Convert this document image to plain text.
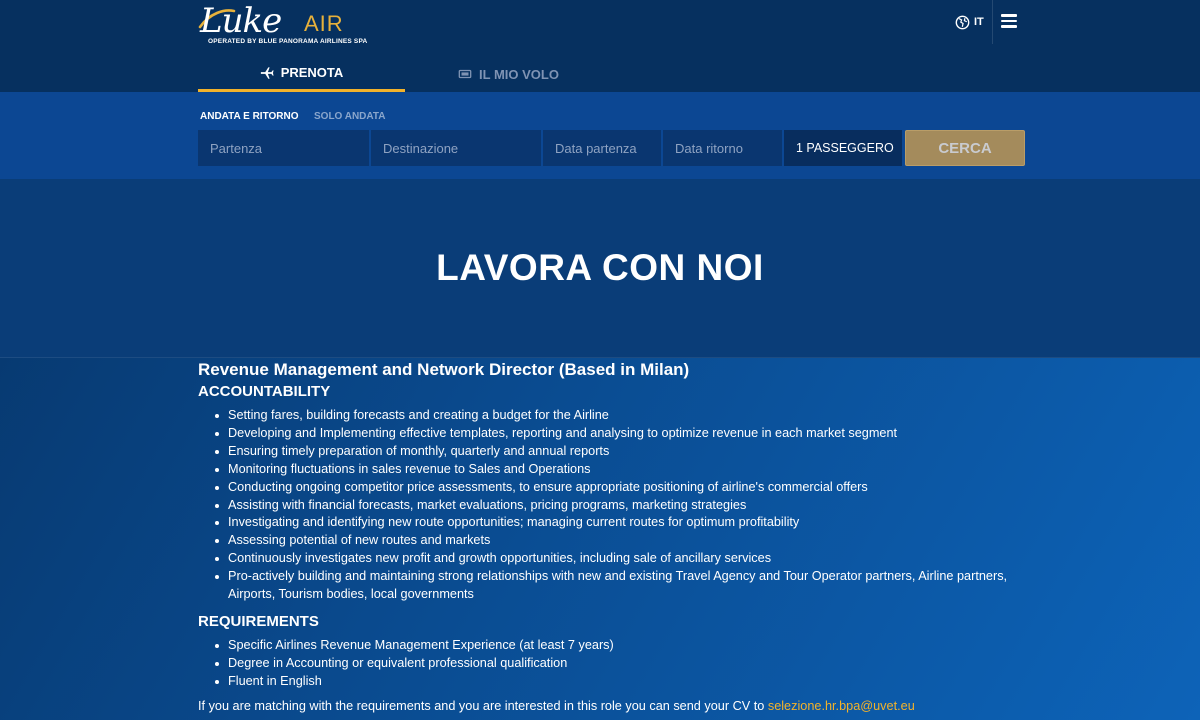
Luke AIR
OPERATED BY BLUE PANORAMA AIRLINES SPA
IT
PRENOTA	IL MIO VOLO
ANDATA E RITORNO SOLO ANDATA
Partenza
Destinazione
Data partenza
Data ritorno
1 PASSEGGERO	CERCA
LAVORA CON NOI
Revenue Management and Network Director (Based in Milan)
ACCOUNTABILITY
Setting fares, building forecasts and creating a budget for the Airline
Developing and Implementing effective templates, reporting and analysing to optimize revenue in each market segment
Ensuring timely preparation of monthly, quarterly and annual reports
Monitoring fluctuations in sales revenue to Sales and Operations
Conducting ongoing competitor price assessments, to ensure appropriate positioning of airline's commercial offers
Assisting with financial forecasts, market evaluations, pricing programs, marketing strategies
Investigating and identifying new route opportunities; managing current routes for optimum profitability
Assessing potential of new routes and markets
Continuously investigates new profit and growth opportunities, including sale of ancillary services
Pro-actively building and maintaining strong relationships with new and existing Travel Agency and Tour Operator partners, Airline partners, Airports, Tourism bodies, local governments
REQUIREMENTS
Specific Airlines Revenue Management Experience (at least 7 years)
Degree in Accounting or equivalent professional qualification
Fluent in English

If you are matching with the requirements and you are interested in this role you can send your CV to selezione.hr.bpa@uvet.eu
